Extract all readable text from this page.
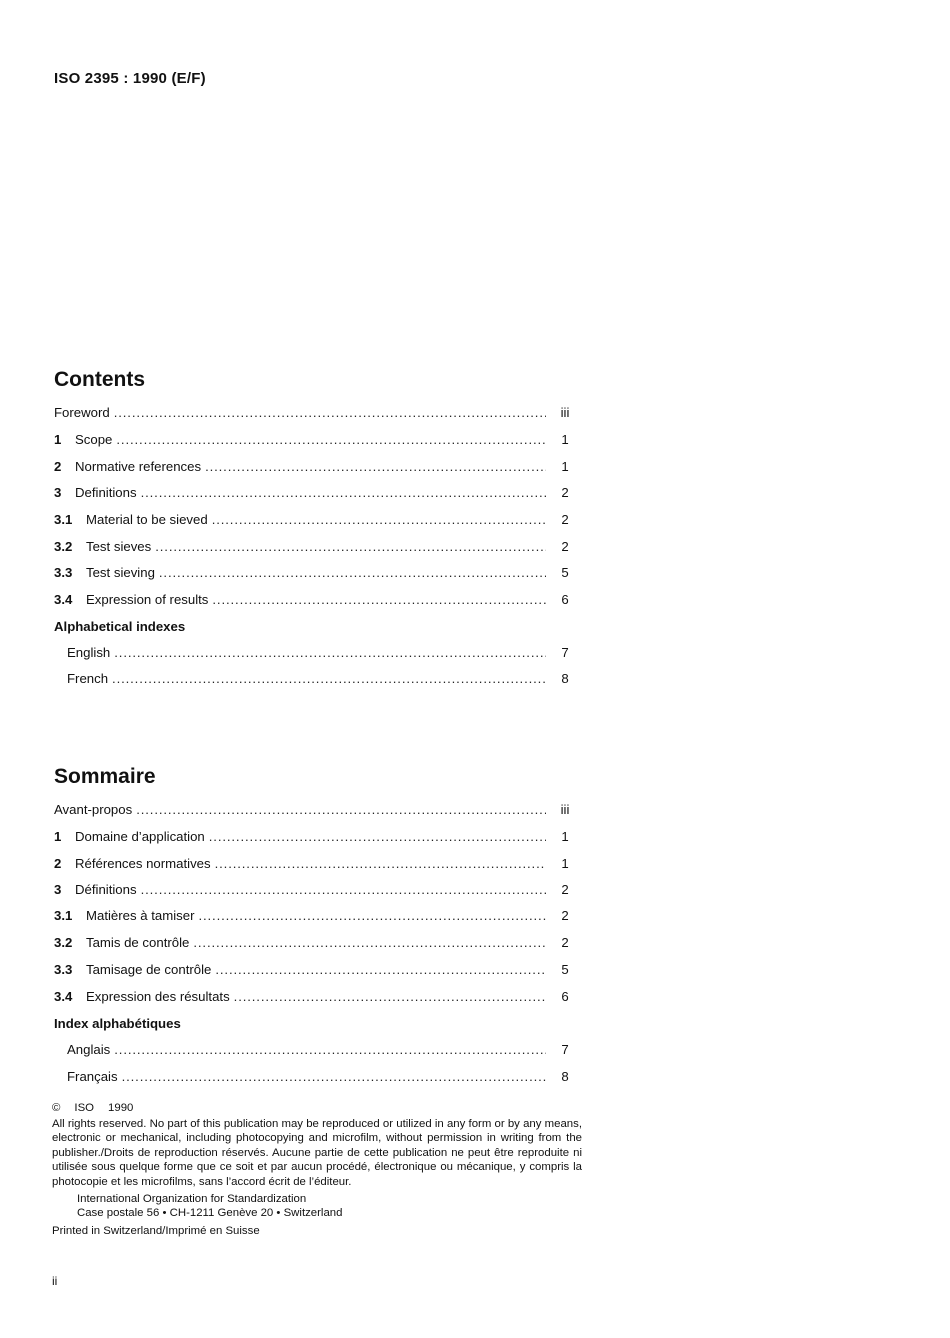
ISO 2395 : 1990 (E/F)
Contents
Foreword . . .	iii
1	Scope . . .	1
2	Normative references . . .	1
3	Definitions . . .	2
3.1	Material to be sieved . . .	2
3.2	Test sieves . . .	2
3.3	Test sieving . . .	5
3.4	Expression of results . . .	6
Alphabetical indexes
English . . .	7
French . . .	8
Sommaire
Avant-propos . . .	iii
1	Domaine d’application . . .	1
2	Références normatives . . .	1
3	Définitions . . .	2
3.1	Matières à tamiser . . .	2
3.2	Tamis de contrôle . . .	2
3.3	Tamisage de contrôle . . .	5
3.4	Expression des résultats . . .	6
Index alphabétiques
Anglais . . .	7
Français . . .	8
© ISO 1990
All rights reserved. No part of this publication may be reproduced or utilized in any form or by any means, electronic or mechanical, including photocopying and microfilm, without permission in writing from the publisher./Droits de reproduction réservés. Aucune partie de cette publication ne peut être reproduite ni utilisée sous quelque forme que ce soit et par aucun procédé, électronique ou mécanique, y compris la photocopie et les microfilms, sans l’accord écrit de l’éditeur.
International Organization for Standardization
Case postale 56 • CH-1211 Genève 20 • Switzerland
Printed in Switzerland/Imprimé en Suisse
ii
